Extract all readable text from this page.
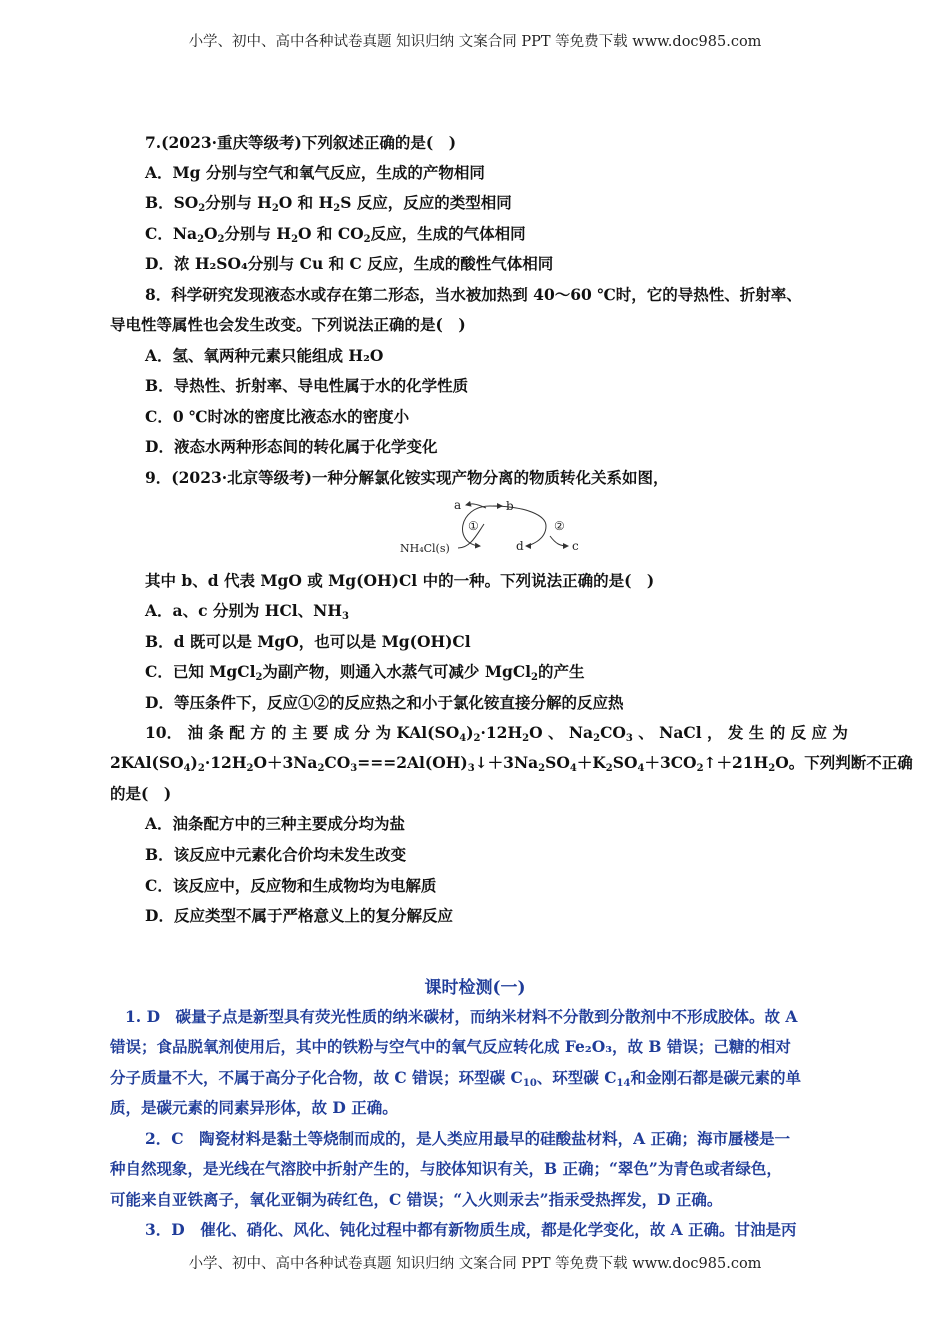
小学、初中、高中各种试卷真题 知识归纳 文案合同 PPT 等免费下载 www.doc985.com
7.(2023·重庆等级考)下列叙述正确的是(　)
A．Mg 分别与空气和氧气反应，生成的产物相同
B．$SO_2$分别与 $H_2O$ 和 $H_2S$ 反应，反应的类型相同
C．$Na_2O_2$分别与 $H_2O$ 和 $CO_2$反应，生成的气体相同
D．浓 H₂SO₄分别与 Cu 和 C 反应，生成的酸性气体相同
8．科学研究发现液态水或存在第二形态，当水被加热到 40～60 ℃时，它的导热性、折射率、
导电性等属性也会发生改变。下列说法正确的是(　)
A．氢、氧两种元素只能组成 H₂O
B．导热性、折射率、导电性属于水的化学性质
C．0 ℃时冰的密度比液态水的密度小
D．液态水两种形态间的转化属于化学变化
9．(2023·北京等级考)一种分解氯化铵实现产物分离的物质转化关系如图，
a	b
①	②
NH₄Cl(s)	d	c
其中 b、d 代表 MgO 或 Mg(OH)Cl 中的一种。下列说法正确的是(　)
A．a、c 分别为 HCl、$NH_3$
B．d 既可以是 MgO，也可以是 Mg(OH)Cl
C．已知 MgCl$_2$为副产物，则通入水蒸气可减少 MgCl$_2$的产生
D．等压条件下，反应①②的反应热之和小于氯化铵直接分解的反应热
10． 油 条 配 方 的 主 要 成 分 为 $KAl(SO_4)_2\cdot 12H_2O$ 、 $Na_2CO_3$ 、 NaCl ， 发 生 的 反 应 为
$2KAl(SO_4)_2\cdot 12H_2O+3Na_2CO_3===2Al(OH)_3↓+3Na_2SO_4+K_2SO_4+3CO_2↑+21H_2O$。下列判断不正确
的是(　)
A．油条配方中的三种主要成分均为盐
B．该反应中元素化合价均未发生改变
C．该反应中，反应物和生成物均为电解质
D．反应类型不属于严格意义上的复分解反应
课时检测(一)
1. D　碳量子点是新型具有荧光性质的纳米碳材，而纳米材料不分散到分散剂中不形成胶体。故 A
错误；食品脱氧剂使用后，其中的铁粉与空气中的氧气反应转化成 Fe₂O₃，故 B 错误；己糖的相对
分子质量不大，不属于高分子化合物，故 C 错误；环型碳 $C_{10}$、环型碳 $C_{14}$和金刚石都是碳元素的单
质，是碳元素的同素异形体，故 D 正确。
2．C　陶瓷材料是黏土等烧制而成的，是人类应用最早的硅酸盐材料，A 正确；海市蜃楼是一
种自然现象，是光线在气溶胶中折射产生的，与胶体知识有关，B 正确；“翠色”为青色或者绿色，
可能来自亚铁离子，氧化亚铜为砖红色，C 错误；“入火则汞去”指汞受热挥发，D 正确。
3．D　催化、硝化、风化、钝化过程中都有新物质生成，都是化学变化，故 A 正确。甘油是丙
小学、初中、高中各种试卷真题 知识归纳 文案合同 PPT 等免费下载 www.doc985.com
